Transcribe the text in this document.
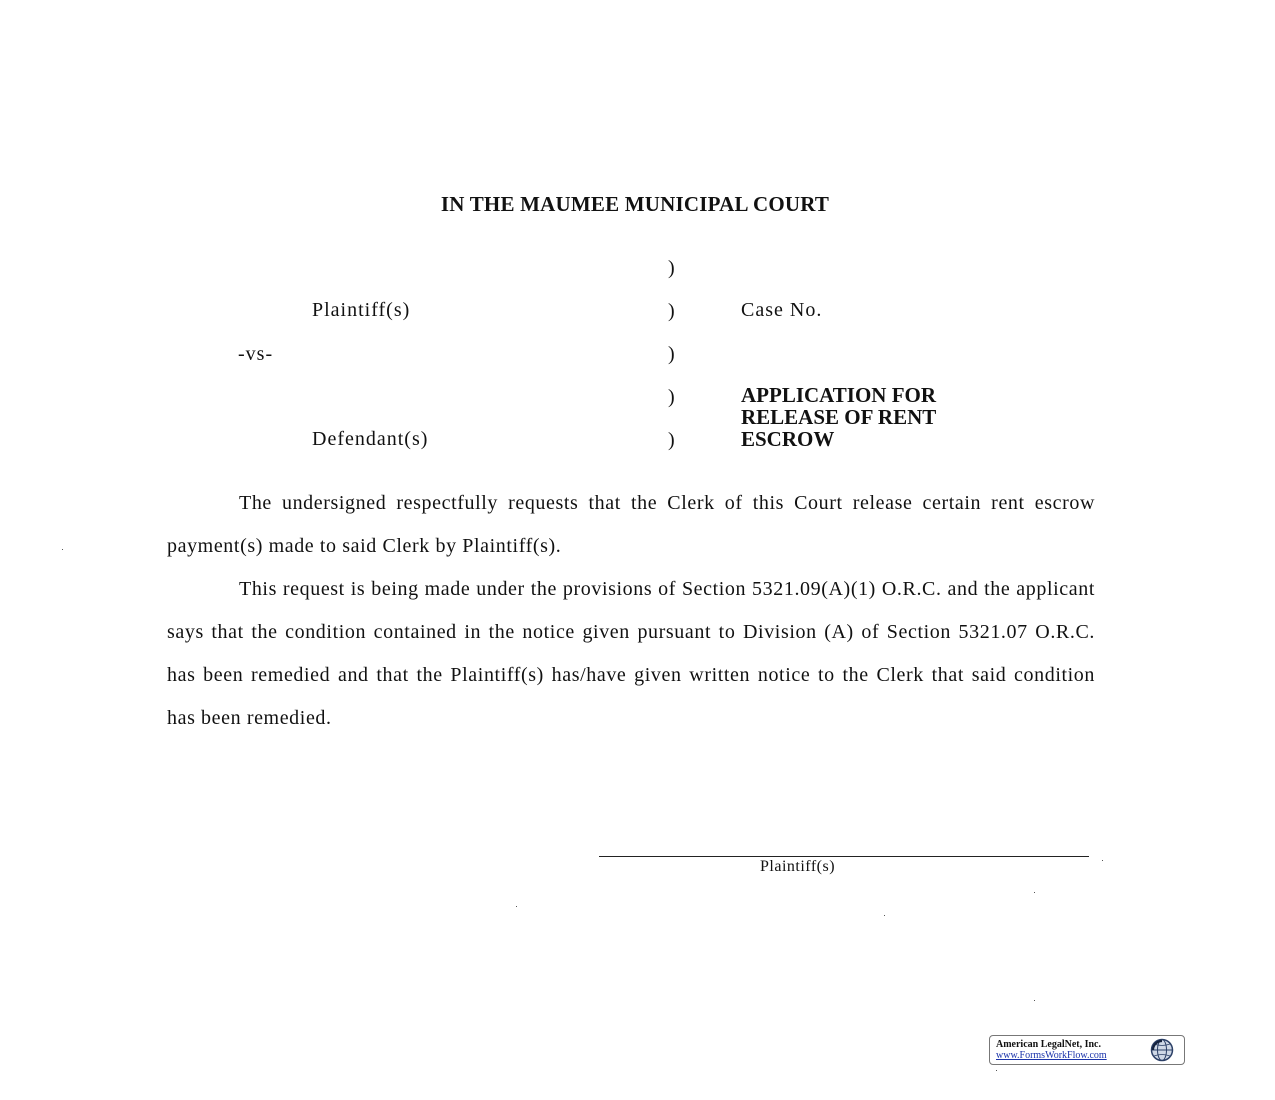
IN THE MAUMEE MUNICIPAL COURT
)
)
)
)
)
Plaintiff(s)
-vs-
Defendant(s)
Case No.
APPLICATION FOR
RELEASE OF RENT
ESCROW

The undersigned respectfully requests that the Clerk of this Court release certain rent escrow payment(s) made to said Clerk by Plaintiff(s).

This request is being made under the provisions of Section 5321.09(A)(1) O.R.C. and the applicant says that the condition contained in the notice given pursuant to Division (A) of Section 5321.07 O.R.C. has been remedied and that the Plaintiff(s) has/have given written notice to the Clerk that said condition has been remedied.

Plaintiff(s)
American LegalNet, Inc.
www.FormsWorkFlow.com
